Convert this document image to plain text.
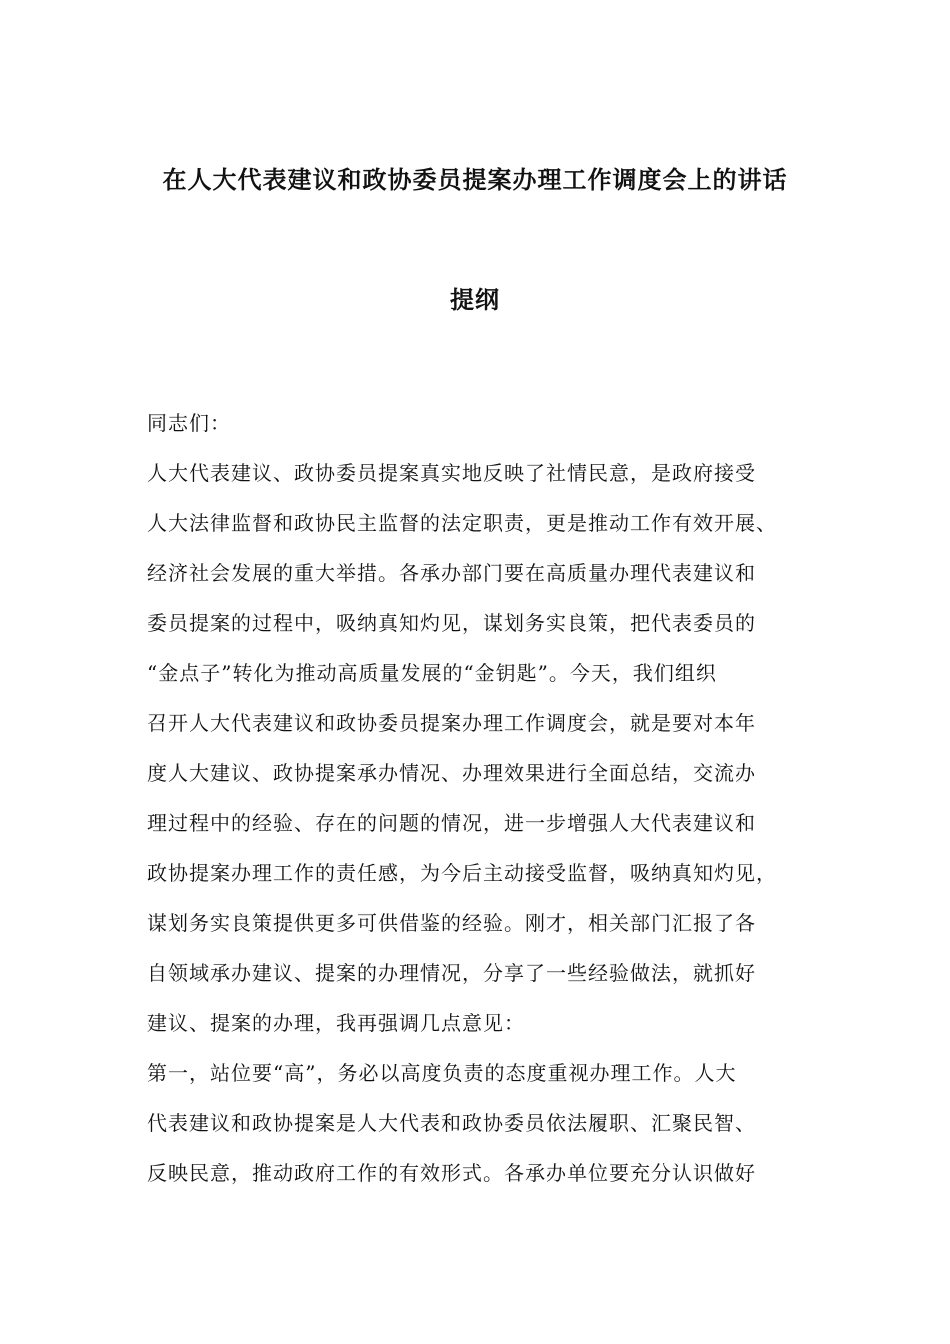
在人大代表建议和政协委员提案办理工作调度会上的讲话
提纲
同志们：
人大代表建议、政协委员提案真实地反映了社情民意，是政府接受
人大法律监督和政协民主监督的法定职责，更是推动工作有效开展、
经济社会发展的重大举措。各承办部门要在高质量办理代表建议和
委员提案的过程中，吸纳真知灼见，谋划务实良策，把代表委员的
“金点子”转化为推动高质量发展的“金钥匙”。今天，我们组织
召开人大代表建议和政协委员提案办理工作调度会，就是要对本年
度人大建议、政协提案承办情况、办理效果进行全面总结，交流办
理过程中的经验、存在的问题的情况，进一步增强人大代表建议和
政协提案办理工作的责任感，为今后主动接受监督，吸纳真知灼见，
谋划务实良策提供更多可供借鉴的经验。刚才，相关部门汇报了各
自领域承办建议、提案的办理情况，分享了一些经验做法，就抓好
建议、提案的办理，我再强调几点意见：
第一，站位要“高”，务必以高度负责的态度重视办理工作。人大
代表建议和政协提案是人大代表和政协委员依法履职、汇聚民智、
反映民意，推动政府工作的有效形式。各承办单位要充分认识做好
